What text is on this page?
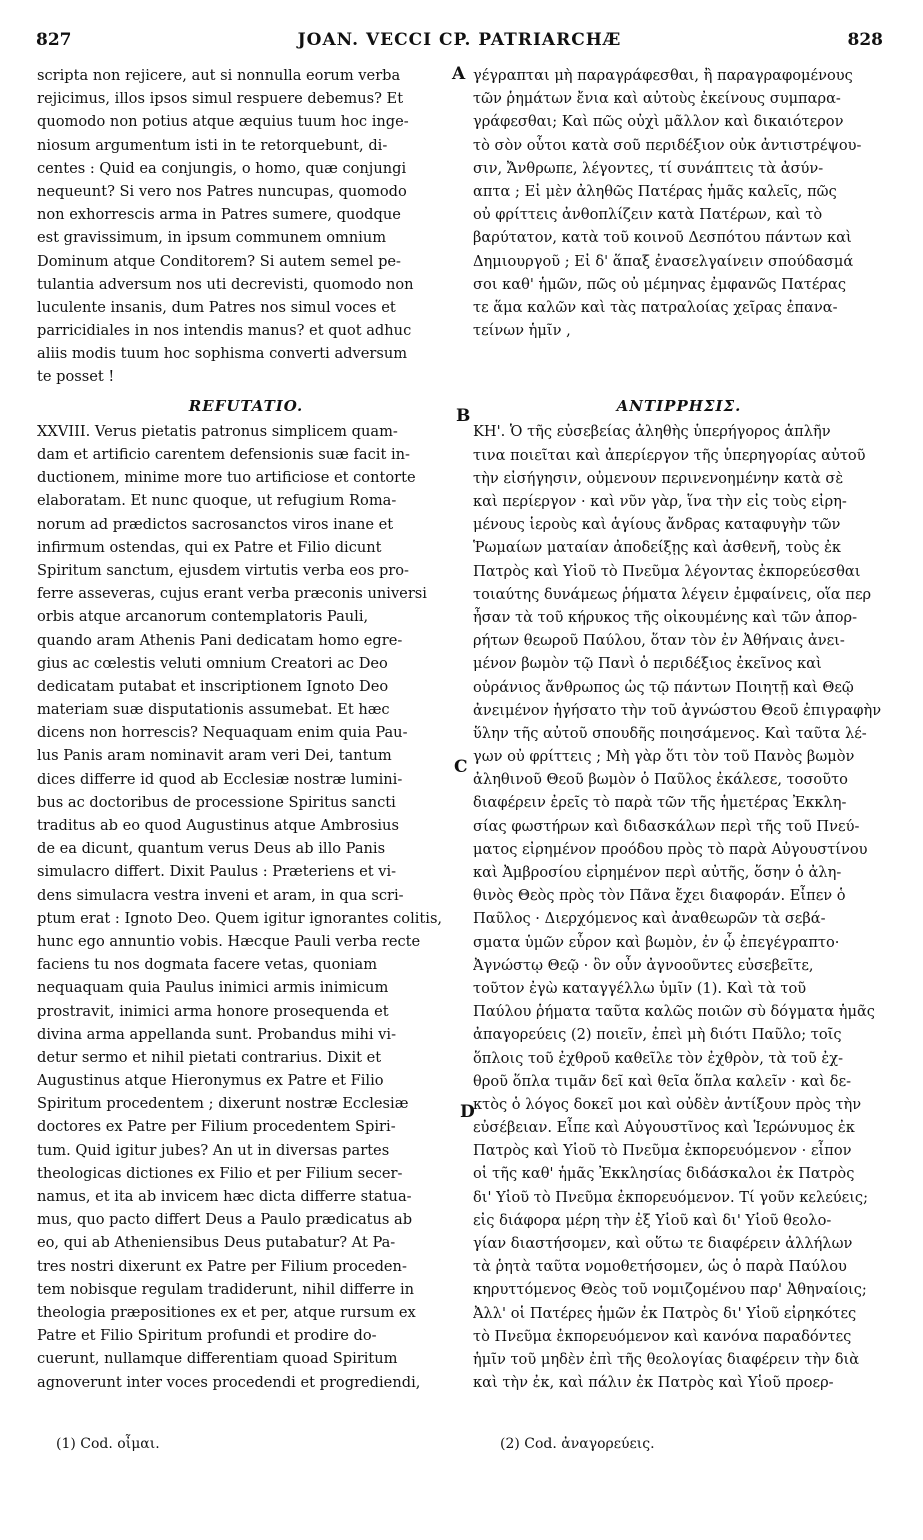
827	JOAN. VECCI CP. PATRIARCHÆ	828
scripta non rejicere, aut si nonnulla eorum verba
rejicimus, illos ipsos simul respuere debemus? Et
quomodo non potius atque æquius tuum hoc inge-
niosum argumentum isti in te retorquebunt, di-
centes : Quid ea conjungis, o homo, quæ conjungi
nequeunt? Si vero nos Patres nuncupas, quomodo
non exhorrescis arma in Patres sumere, quodque
est gravissimum, in ipsum communem omnium
Dominum atque Conditorem? Si autem semel pe-
tulantia adversum nos uti decrevisti, quomodo non
luculente insanis, dum Patres nos simul voces et
parricidiales in nos intendis manus? et quot adhuc
aliis modis tuum hoc sophisma converti adversum
te posset !

REFUTATIO.

XXVIII. Verus pietatis patronus simplicem quam-
dam et artificio carentem defensionis suæ facit in-
ductionem, minime more tuo artificiose et contorte
elaboratam. Et nunc quoque, ut refugium Roma-
norum ad prædictos sacrosanctos viros inane et
infirmum ostendas, qui ex Patre et Filio dicunt
Spiritum sanctum, ejusdem virtutis verba eos pro-
ferre asseveras, cujus erant verba præconis universi
orbis atque arcanorum contemplatoris Pauli,
quando aram Athenis Pani dedicatam homo egre-
gius ac cœlestis veluti omnium Creatori ac Deo
dedicatam putabat et inscriptionem Ignoto Deo
materiam suæ disputationis assumebat. Et hæc
dicens non horrescis? Nequaquam enim quia Pau-
lus Panis aram nominavit aram veri Dei, tantum
dices differre id quod ab Ecclesiæ nostræ lumini-
bus ac doctoribus de processione Spiritus sancti
traditus ab eo quod Augustinus atque Ambrosius
de ea dicunt, quantum verus Deus ab illo Panis
simulacro differt. Dixit Paulus : Præteriens et vi-
dens simulacra vestra inveni et aram, in qua scri-
ptum erat : Ignoto Deo. Quem igitur ignorantes colitis,
hunc ego annuntio vobis. Hæcque Pauli verba recte
faciens tu nos dogmata facere vetas, quoniam
nequaquam quia Paulus inimici armis inimicum
prostravit, inimici arma honore prosequenda et
divina arma appellanda sunt. Probandus mihi vi-
detur sermo et nihil pietati contrarius. Dixit et
Augustinus atque Hieronymus ex Patre et Filio
Spiritum procedentem ; dixerunt nostræ Ecclesiæ
doctores ex Patre per Filium procedentem Spiri-
tum. Quid igitur jubes? An ut in diversas partes
theologicas dictiones ex Filio et per Filium secer-
namus, et ita ab invicem hæc dicta differre statua-
mus, quo pacto differt Deus a Paulo prædicatus ab
eo, qui ab Atheniensibus Deus putabatur? At Pa-
tres nostri dixerunt ex Patre per Filium proceden-
tem nobisque regulam tradiderunt, nihil differre in
theologia præpositiones ex et per, atque rursum ex
Patre et Filio Spiritum profundi et prodire do-
cuerunt, nullamque differentiam quoad Spiritum
agnoverunt inter voces procedendi et progrediendi,
γέγραπται μὴ παραγράφεσθαι, ἢ παραγραφομένους
τῶν ῥημάτων ἔνια καὶ αὐτοὺς ἐκείνους συμπαρα-
γράφεσθαι; Καὶ πῶς οὐχὶ μᾶλλον καὶ δικαιότερον
τὸ σὸν οὗτοι κατὰ σοῦ περιδέξιον οὐκ ἀντιστρέψου-
σιν, Ἄνθρωπε, λέγοντες, τί συνάπτεις τὰ ἀσύν-
απτα ; Εἰ μὲν ἀληθῶς Πατέρας ἡμᾶς καλεῖς, πῶς
οὐ φρίττεις ἀνθοπλίζειν κατὰ Πατέρων, καὶ τὸ
βαρύτατον, κατὰ τοῦ κοινοῦ Δεσπότου πάντων καὶ
Δημιουργοῦ ; Εἰ δ' ἅπαξ ἐνασελγαίνειν σπούδασμά
σοι καθ' ἡμῶν, πῶς οὐ μέμηνας ἐμφανῶς Πατέρας
τε ἅμα καλῶν καὶ τὰς πατραλοίας χεῖρας ἐπανα-
τείνων ἡμῖν ,

ΑΝΤΙΡΡΗΣΙΣ.

ΚΗ'. Ὁ τῆς εὐσεβείας ἀληθὴς ὑπερήγορος ἁπλῆν
τινα ποιεῖται καὶ ἀπερίεργον τῆς ὑπερηγορίας αὐτοῦ
τὴν εἰσήγησιν, οὐμενουν περινενοημένην κατὰ σὲ
καὶ περίεργον · καὶ νῦν γὰρ, ἵνα τὴν εἰς τοὺς εἰρη-
μένους ἱεροὺς καὶ ἁγίους ἄνδρας καταφυγὴν τῶν
Ῥωμαίων ματαίαν ἀποδείξῃς καὶ ἀσθενῆ, τοὺς ἐκ
Πατρὸς καὶ Υἱοῦ τὸ Πνεῦμα λέγοντας ἐκπορεύεσθαι
τοιαύτης δυνάμεως ῥήματα λέγειν ἐμφαίνεις, οἵα περ
ἦσαν τὰ τοῦ κήρυκος τῆς οἰκουμένης καὶ τῶν ἀπορ-
ρήτων θεωροῦ Παύλου, ὅταν τὸν ἐν Ἀθήναις ἀνει-
μένον βωμὸν τῷ Πανὶ ὁ περιδέξιος ἐκεῖνος καὶ
οὐράνιος ἄνθρωπος ὡς τῷ πάντων Ποιητῇ καὶ Θεῷ
ἀνειμένον ἡγήσατο τὴν τοῦ ἀγνώστου Θεοῦ ἐπιγραφὴν
ὕλην τῆς αὐτοῦ σπουδῆς ποιησάμενος. Καὶ ταῦτα λέ-
γων οὐ φρίττεις ; Μὴ γὰρ ὅτι τὸν τοῦ Πανὸς βωμὸν
ἀληθινοῦ Θεοῦ βωμὸν ὁ Παῦλος ἐκάλεσε, τοσοῦτο
διαφέρειν ἐρεῖς τὸ παρὰ τῶν τῆς ἡμετέρας Ἐκκλη-
σίας φωστήρων καὶ διδασκάλων περὶ τῆς τοῦ Πνεύ-
ματος εἰρημένον προόδου πρὸς τὸ παρὰ Αὐγουστίνου
καὶ Ἀμβροσίου εἰρημένον περὶ αὐτῆς, ὅσην ὁ ἀλη-
θινὸς Θεὸς πρὸς τὸν Πᾶνα ἔχει διαφοράν. Εἶπεν ὁ
Παῦλος · Διερχόμενος καὶ ἀναθεωρῶν τὰ σεβά-
σματα ὑμῶν εὗρον καὶ βωμὸν, ἐν ᾧ ἐπεγέγραπτο·
Ἀγνώστῳ Θεῷ · ὃν οὖν ἀγνοοῦντες εὐσεβεῖτε,
τοῦτον ἐγὼ καταγγέλλω ὑμῖν (1). Καὶ τὰ τοῦ
Παύλου ῥήματα ταῦτα καλῶς ποιῶν σὺ δόγματα ἡμᾶς
ἀπαγορεύεις (2) ποιεῖν, ἐπεὶ μὴ διότι Παῦλο; τοῖς
ὅπλοις τοῦ ἐχθροῦ καθεῖλε τὸν ἐχθρὸν, τὰ τοῦ ἐχ-
θροῦ ὅπλα τιμᾶν δεῖ καὶ θεῖα ὅπλα καλεῖν · καὶ δε-
κτὸς ὁ λόγος δοκεῖ μοι καὶ οὐδὲν ἀντίξουν πρὸς τὴν
εὐσέβειαν. Εἶπε καὶ Αὐγουστῖνος καὶ Ἱερώνυμος ἐκ
Πατρὸς καὶ Υἱοῦ τὸ Πνεῦμα ἐκπορευόμενον · εἶπον
οἱ τῆς καθ' ἡμᾶς Ἐκκλησίας διδάσκαλοι ἐκ Πατρὸς
δι' Υἱοῦ τὸ Πνεῦμα ἐκπορευόμενον. Τί γοῦν κελεύεις;
εἰς διάφορα μέρη τὴν ἐξ Υἱοῦ καὶ δι' Υἱοῦ θεολο-
γίαν διαστήσομεν, καὶ οὕτω τε διαφέρειν ἀλλήλων
τὰ ῥητὰ ταῦτα νομοθετήσομεν, ὡς ὁ παρὰ Παύλου
κηρυττόμενος Θεὸς τοῦ νομιζομένου παρ' Ἀθηναίοις;
Ἀλλ' οἱ Πατέρες ἡμῶν ἐκ Πατρὸς δι' Υἱοῦ εἰρηκότες
τὸ Πνεῦμα ἐκπορευόμενον καὶ κανόνα παραδόντες
ἡμῖν τοῦ μηδὲν ἐπὶ τῆς θεολογίας διαφέρειν τὴν διὰ
καὶ τὴν ἐκ, καὶ πάλιν ἐκ Πατρὸς καὶ Υἱοῦ προερ-
A
B
C
D
(1) Cod. οἶμαι.	(2) Cod. ἀναγορεύεις.
